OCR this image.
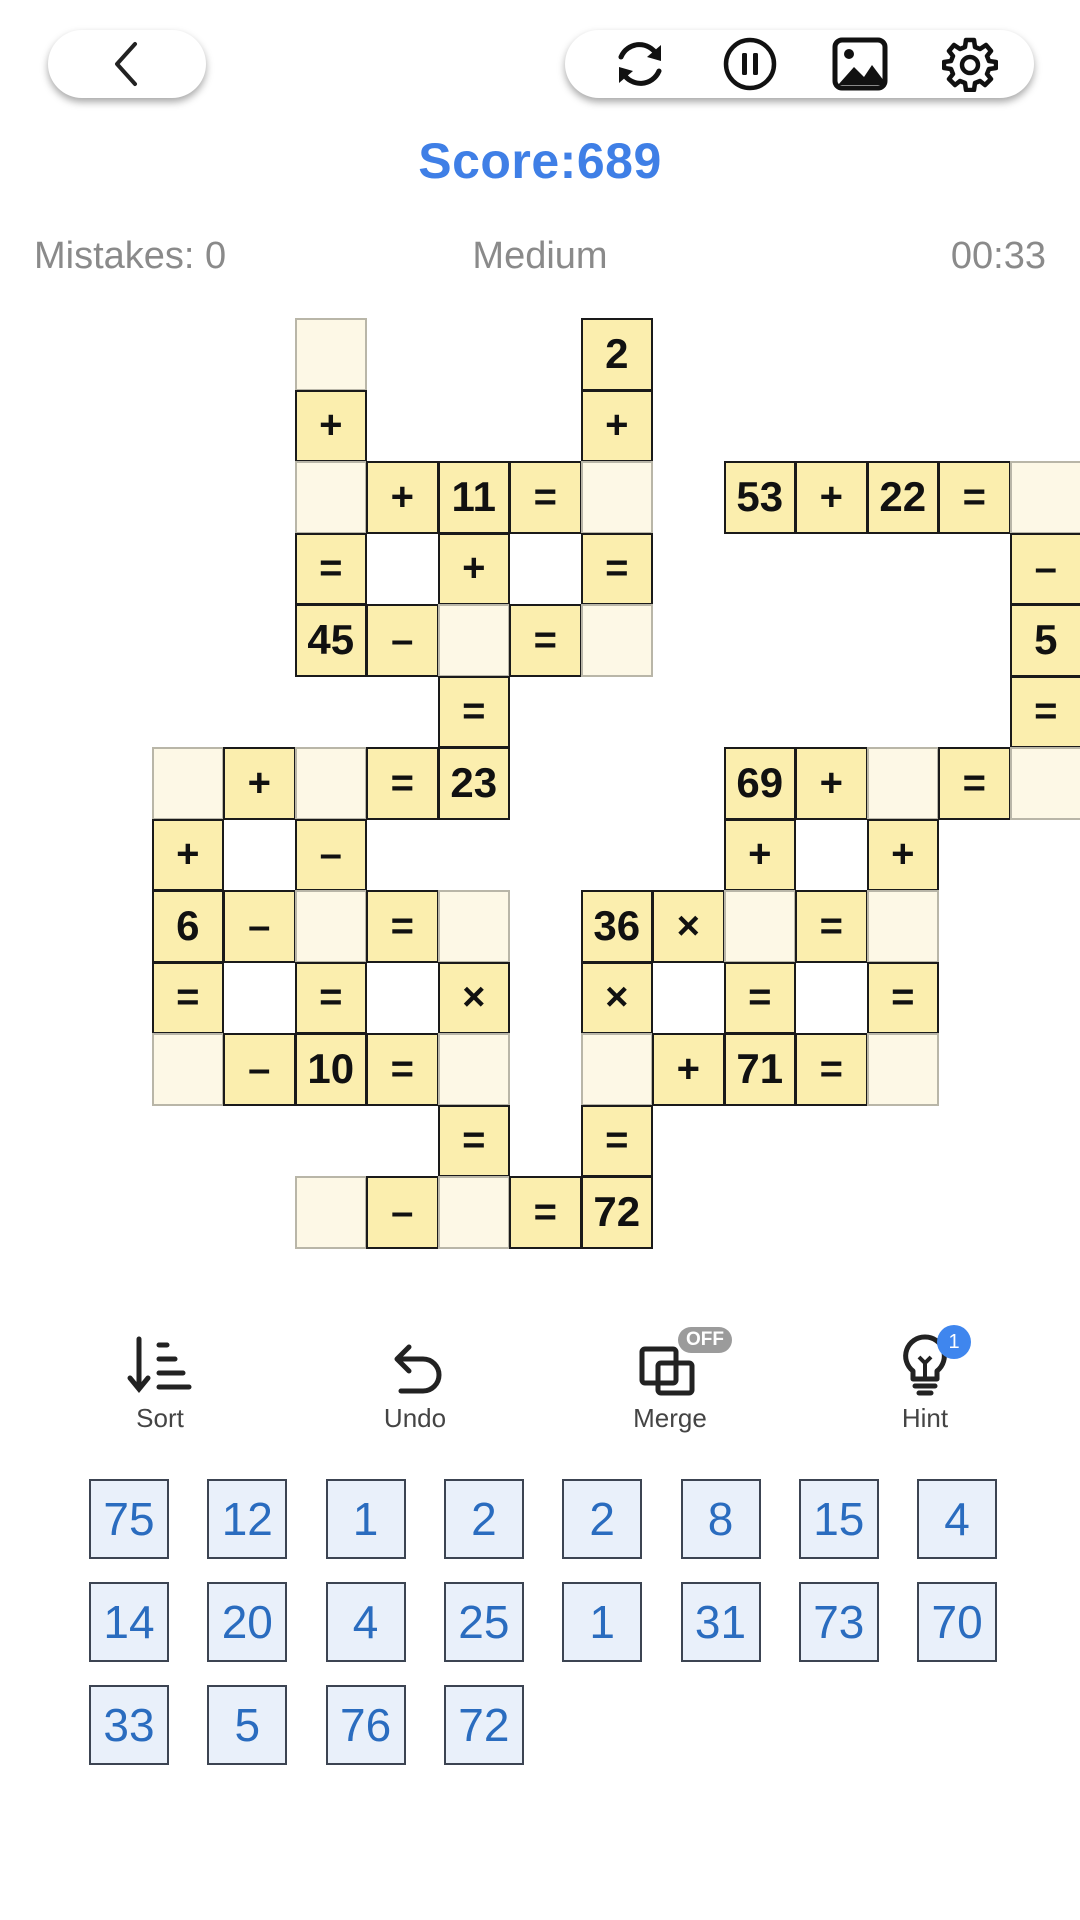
Score:689
Mistakes: 0	Medium	00:33
2
+	+
+ 11 =	53 + 22 =
=	+	=	–
45 –	=	5
=	=
+	= 23	69 +	=
+	–	+	+
6	–	=	36 ×	=
=	=	×	×	=	=
– 10 =	+ 71 =
=	=
–	= 72
Sort	Undo
OFF
Merge
1
Hint
75	12	1	2	2	8	15	4
14	20	4	25	1	31	73	70
33	5	76	72
